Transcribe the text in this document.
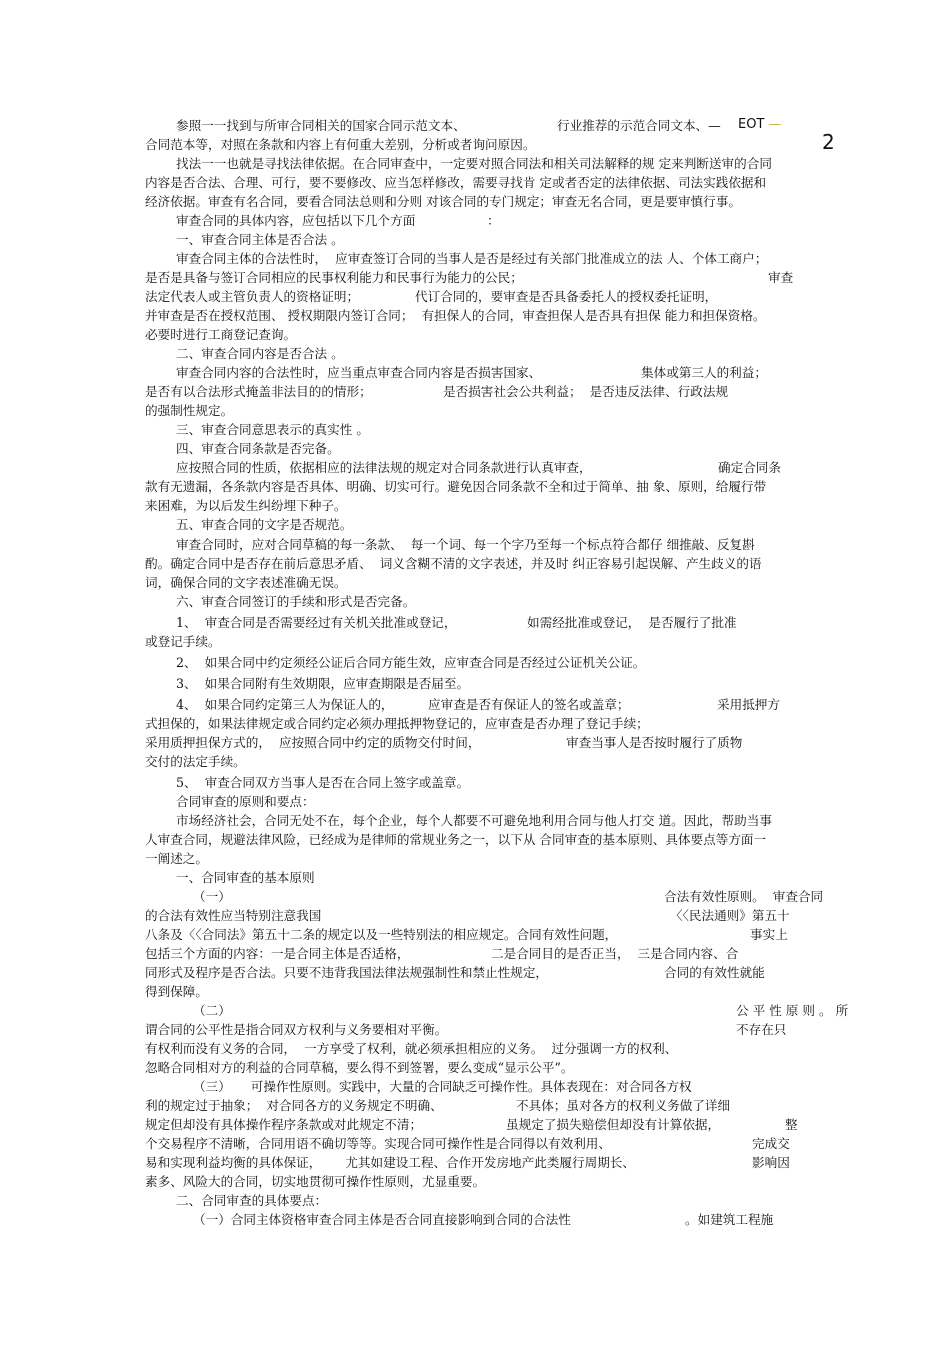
EOT —
2
参照一一找到与所审合同相关的国家合同示范文本、	行业推荐的示范合同文本、—
合同范本等，对照在条款和内容上有何重大差别，分析或者询问原因。
找法一一也就是寻找法律依据。在合同审查中，一定要对照合同法和相关司法解释的规 定来判断送审的合同
内容是否合法、合理、可行，要不要修改、应当怎样修改，需要寻找肯 定或者否定的法律依据、司法实践依据和
经济依据。审查有名合同，要看合同法总则和分则 对该合同的专门规定；审查无名合同，更是要审慎行事。
审查合同的具体内容，应包括以下几个方面	：
一、审查合同主体是否合法 。
审查合同主体的合法性时，  应审查签订合同的当事人是否是经过有关部门批准成立的法 人、个体工商户；
是否是具备与签订合同相应的民事权利能力和民事行为能力的公民；	审查
法定代表人或主管负责人的资格证明；	代订合同的，要审查是否具备委托人的授权委托证明，
并审查是否在授权范围、 授权期限内签订合同；  有担保人的合同，审查担保人是否具有担保 能力和担保资格。
必要时进行工商登记查询。
二、审查合同内容是否合法 。
审查合同内容的合法性时，应当重点审查合同内容是否损害国家、	集体或第三人的利益；
是否有以合法形式掩盖非法目的的情形；	是否损害社会公共利益；  是否违反法律、行政法规
的强制性规定。
三、审查合同意思表示的真实性 。
四、审查合同条款是否完备。
应按照合同的性质，依据相应的法律法规的规定对合同条款进行认真审查，	确定合同条
款有无遗漏，各条款内容是否具体、明确、切实可行。避免因合同条款不全和过于简单、抽 象、原则，给履行带
来困难，为以后发生纠纷埋下种子。
五、审查合同的文字是否规范。
审查合同时，应对合同草稿的每一条款、  每一个词、每一个字乃至每一个标点符合都仔 细推敲、反复斟
酌。确定合同中是否存在前后意思矛盾、  词义含糊不清的文字表述，并及时 纠正容易引起误解、产生歧义的语
词，确保合同的文字表述准确无误。
六、审查合同签订的手续和形式是否完备。
1、  审查合同是否需要经过有关机关批准或登记，	如需经批准或登记，  是否履行了批准
或登记手续。
2、  如果合同中约定须经公证后合同方能生效，应审查合同是否经过公证机关公证。
3、  如果合同附有生效期限，应审查期限是否届至。
4、  如果合同约定第三人为保证人的，	应审查是否有保证人的签名或盖章；	采用抵押方
式担保的，如果法律规定或合同约定必须办理抵押物登记的，应审查是否办理了登记手续；
采用质押担保方式的，  应按照合同中约定的质物交付时间，	审查当事人是否按时履行了质物
交付的法定手续。
5、  审查合同双方当事人是否在合同上签字或盖章。
合同审查的原则和要点：
市场经济社会，合同无处不在，每个企业，每个人都要不可避免地利用合同与他人打交 道。因此，帮助当事
人审查合同，规避法律风险，已经成为是律师的常规业务之一，以下从 合同审查的基本原则、具体要点等方面一
一阐述之。
一、合同审查的基本原则
（一）	合法有效性原则。  审查合同
的合法有效性应当特别注意我国	〈〈民法通则》第五十
八条及〈〈合同法》第五十二条的规定以及一些特别法的相应规定。合同有效性问题，	事实上
包括三个方面的内容：一是合同主体是否适格，	二是合同目的是否正当，  三是合同内容、合
同形式及程序是否合法。只要不违背我国法律法规强制性和禁止性规定，	合同的有效性就能
得到保障。
（二）	公 平 性 原 则 。 所
谓合同的公平性是指合同双方权利与义务要相对平衡。	不存在只
有权利而没有义务的合同，  一方享受了权利，就必须承担相应的义务。  过分强调一方的权利、
忽略合同相对方的利益的合同草稿，要么得不到签署，要么变成“显示公平”。
（三）     可操作性原则。实践中，大量的合同缺乏可操作性。具体表现在：对合同各方权
利的规定过于抽象；  对合同各方的义务规定不明确、	不具体；虽对各方的权利义务做了详细
规定但却没有具体操作程序条款或对此规定不清；	虽规定了损失赔偿但却没有计算依据，	整
个交易程序不清晰，合同用语不确切等等。实现合同可操作性是合同得以有效利用、	完成交
易和实现利益均衡的具体保证，      尤其如建设工程、合作开发房地产此类履行周期长、	影响因
素多、风险大的合同，切实地贯彻可操作性原则，尤显重要。
二、合同审查的具体要点：
（一）合同主体资格审查合同主体是否合同直接影响到合同的合法性	。如建筑工程施
